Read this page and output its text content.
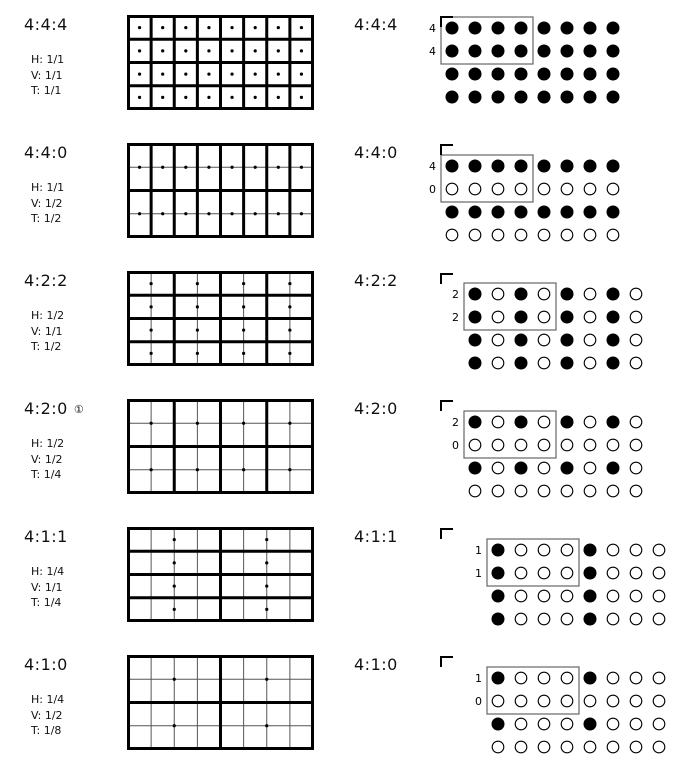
4:4:4
H: 1/1
V: 1/1
T: 1/1
4:4:4	4
4
4:4:0
H: 1/1
V: 1/2
T: 1/2
4:4:0
4
0
4:2:2
H: 1/2
V: 1/1
T: 1/2
4:2:2
2
2
4:2:0 ①
H: 1/2
V: 1/2
T: 1/4
4:2:0
2
0
4:1:1
H: 1/4
V: 1/1
T: 1/4
4:1:1
1
1
4:1:0
H: 1/4
V: 1/2
T: 1/8
4:1:0
1
0
